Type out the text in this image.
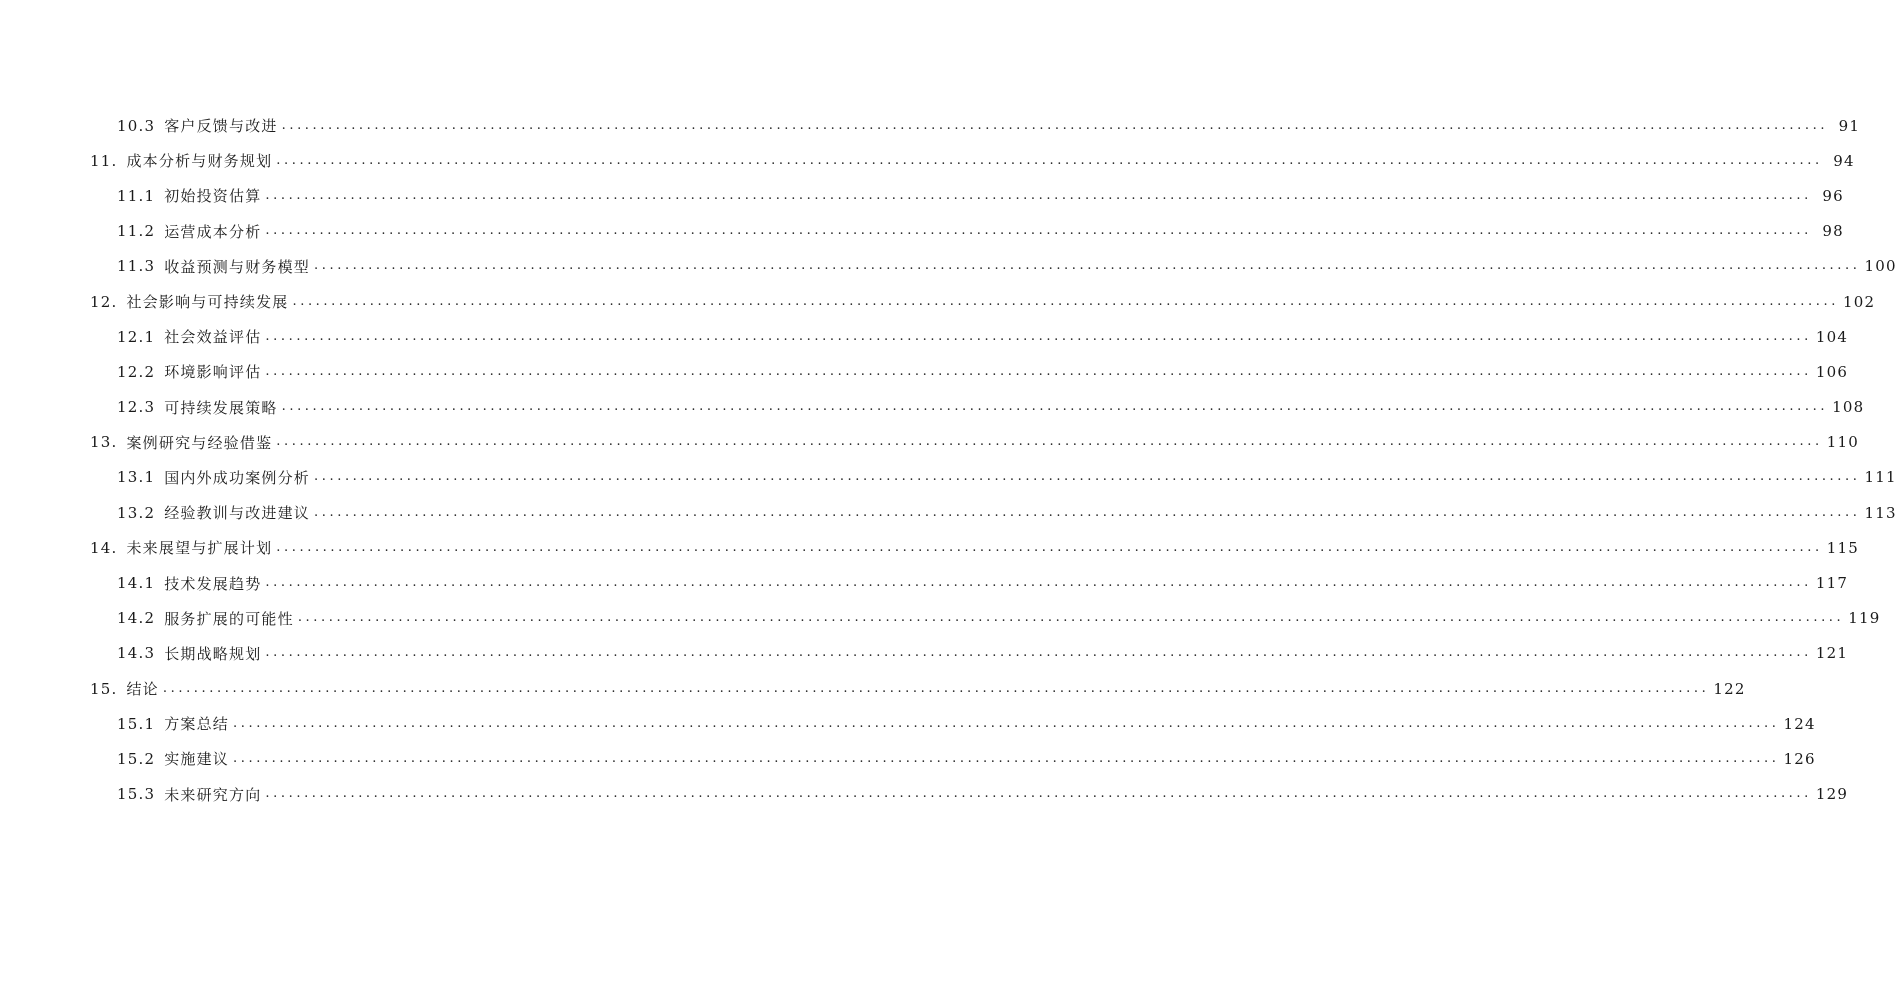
10.3 客户反馈与改进 ........................................................................................................................................................................................................ 91
11. 成本分析与财务规划 ........................................................................................................................................................................................................ 94
11.1 初始投资估算 ........................................................................................................................................................................................................ 96
11.2 运营成本分析 ........................................................................................................................................................................................................ 98
11.3 收益预测与财务模型 ........................................................................................................................................................................................................ 100
12. 社会影响与可持续发展 ........................................................................................................................................................................................................ 102
12.1 社会效益评估 ........................................................................................................................................................................................................ 104
12.2 环境影响评估 ........................................................................................................................................................................................................ 106
12.3 可持续发展策略 ........................................................................................................................................................................................................ 108
13. 案例研究与经验借鉴 ........................................................................................................................................................................................................ 110
13.1 国内外成功案例分析 ........................................................................................................................................................................................................ 111
13.2 经验教训与改进建议 ........................................................................................................................................................................................................ 113
14. 未来展望与扩展计划 ........................................................................................................................................................................................................ 115
14.1 技术发展趋势 ........................................................................................................................................................................................................ 117
14.2 服务扩展的可能性 ........................................................................................................................................................................................................ 119
14.3 长期战略规划 ........................................................................................................................................................................................................ 121
15. 结论 ........................................................................................................................................................................................................ 122
15.1 方案总结 ........................................................................................................................................................................................................ 124
15.2 实施建议 ........................................................................................................................................................................................................ 126
15.3 未来研究方向 ........................................................................................................................................................................................................ 129
